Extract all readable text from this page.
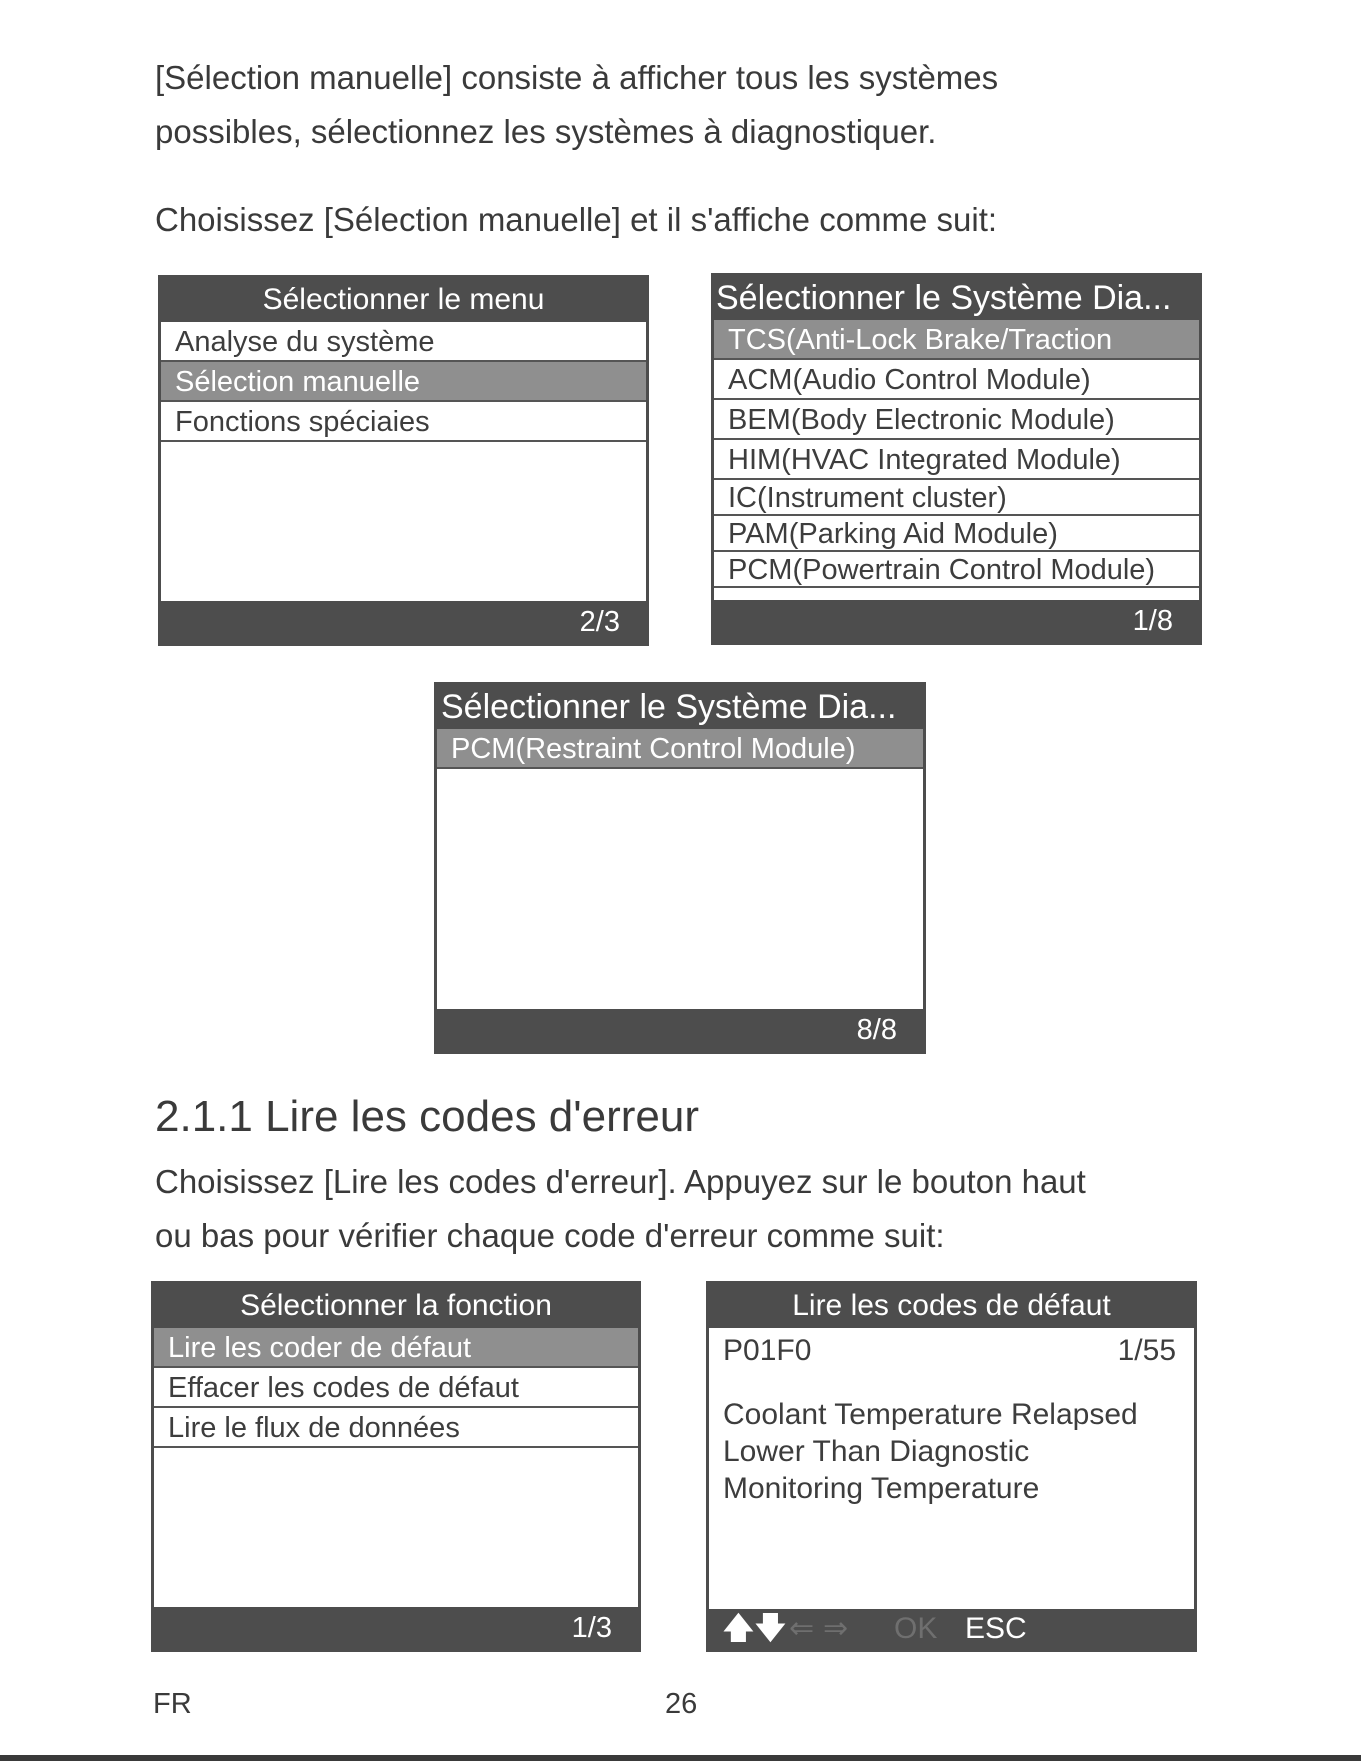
[Sélection manuelle] consiste à afficher tous les systèmes
possibles, sélectionnez les systèmes à diagnostiquer.
Choisissez [Sélection manuelle] et il s'affiche comme suit:
Sélectionner le menu
Analyse du système
Sélection manuelle
Fonctions spéciaies
2/3
Sélectionner le Système Dia...
TCS(Anti-Lock Brake/Traction
ACM(Audio Control Module)
BEM(Body Electronic Module)
HIM(HVAC Integrated Module)
IC(Instrument cluster)
PAM(Parking Aid Module)
PCM(Powertrain Control Module)
1/8
Sélectionner le Système Dia...
PCM(Restraint Control Module)
8/8
2.1.1 Lire les codes d'erreur
Choisissez [Lire les codes d'erreur]. Appuyez sur le bouton haut
ou bas pour vérifier chaque code d'erreur comme suit:
Sélectionner la fonction
Lire les coder de défaut
Effacer les codes de défaut
Lire le flux de données
1/3
Lire les codes de défaut
P01F0	1/55
Coolant Temperature Relapsed
Lower Than Diagnostic
Monitoring Temperature
🡅 🡇 ⇐ ⇒ OK ESC
FR	26
